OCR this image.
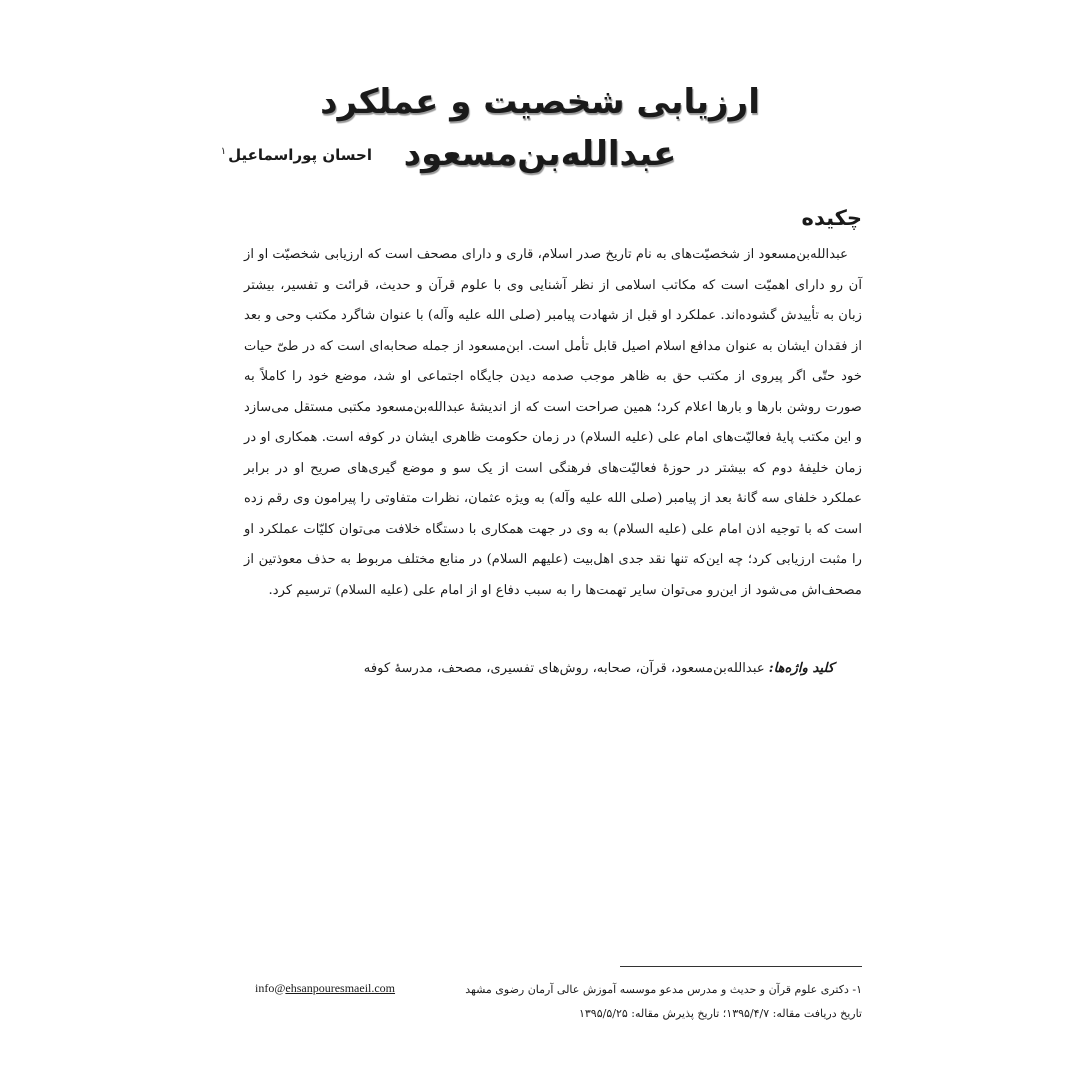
ارزیابی شخصیت و عملکرد عبدالله‌بن‌مسعود
احسان پوراسماعیل$^۱$
چکیده

عبدالله‌بن‌مسعود از شخصیّت‌های به نام تاریخ صدر اسلام، قاری و دارای مصحف است که ارزیابی شخصیّت او از آن رو دارای اهمیّت است که مکاتب اسلامی از نظر آشنایی وی با علوم قرآن و حدیث، قرائت و تفسیر، بیشتر زبان به تأییدش گشوده‌اند. عملکرد او قبل از شهادت پیامبر (صلی الله علیه وآله) با عنوان شاگرد مکتب وحی و بعد از فقدان ایشان به عنوان مدافع اسلام اصیل قابل تأمل است. ابن‌مسعود از جمله صحابه‌ای است که در طیّ حیات خود حتّی اگر پیروی از مکتب حق به ظاهر موجب صدمه دیدن جایگاه اجتماعی او شد، موضع خود را کاملاً به صورت روشن بارها و بارها اعلام کرد؛ همین صراحت است که از اندیشهٔ عبدالله‌بن‌مسعود مکتبی مستقل می‌سازد و این مکتب پایهٔ فعالیّت‌های امام علی (علیه السلام) در زمان حکومت ظاهری ایشان در کوفه است. همکاری او در زمان خلیفهٔ دوم که بیشتر در حوزهٔ فعالیّت‌های فرهنگی است از یک سو و موضع گیری‌های صریح او در برابر عملکرد خلفای سه گانهٔ بعد از پیامبر (صلی الله علیه وآله) به ویژه عثمان، نظرات متفاوتی را پیرامون وی رقم زده است که با توجیه اذن امام علی (علیه السلام) به وی در جهت همکاری با دستگاه خلافت می‌توان کلیّات عملکرد او را مثبت ارزیابی کرد؛ چه این‌که تنها نقد جدی اهل‌بیت (علیهم السلام) در منابع مختلف مربوط به حذف معوذتین از مصحف‌اش می‌شود از این‌رو می‌توان سایر تهمت‌ها را به سبب دفاع او از امام علی (علیه السلام) ترسیم کرد.

کلید واژه‌ها:عبدالله‌بن‌مسعود، قرآن، صحابه، روش‌های تفسیری، مصحف، مدرسهٔ کوفه
۱- دکتری علوم قرآن و حدیث و مدرس مدعو موسسه آموزش عالی آرمان رضوی مشهد
تاریخ دریافت مقاله: ۱۳۹۵/۴/۷؛ تاریخ پذیرش مقاله: ۱۳۹۵/۵/۲۵
info@ehsanpouresmaeil.com
